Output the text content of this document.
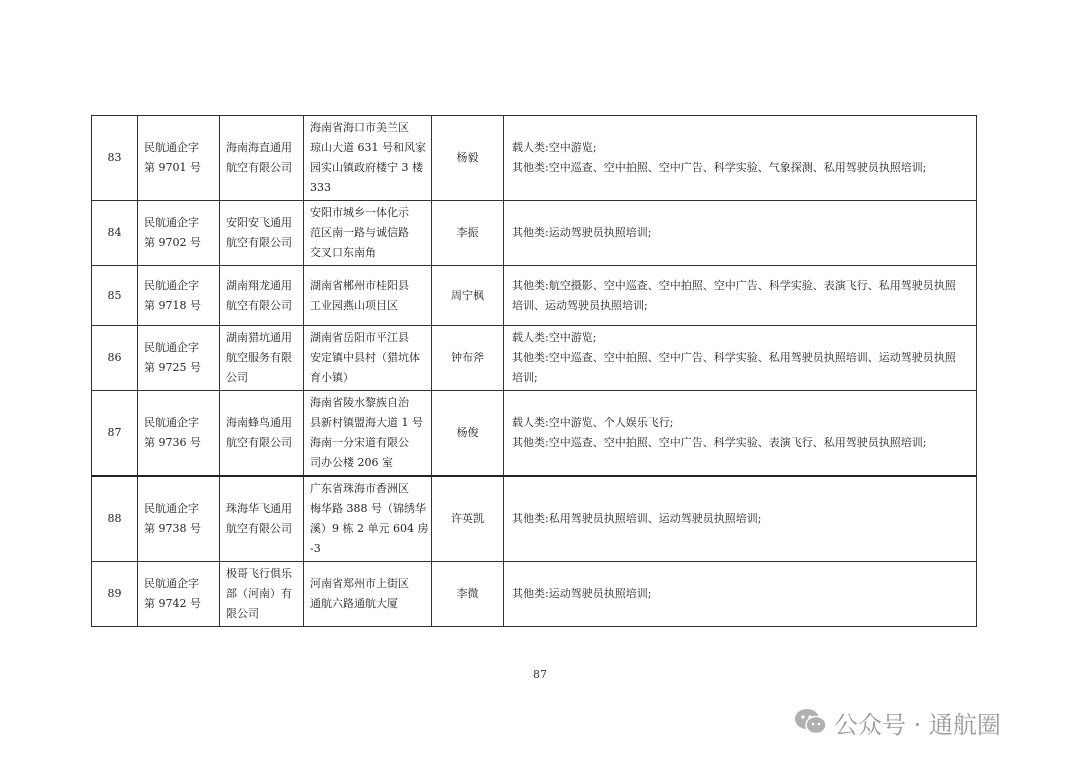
83	民航通企字
第 9701 号	海南海直通用
航空有限公司	海南省海口市美兰区
琼山大道 631 号和风家
园实山镇政府楼宁 3 楼
333	杨毅	载人类:空中游览;
其他类:空中巡查、空中拍照、空中广告、科学实验、气象探测、私用驾驶员执照培训;

84	民航通企字
第 9702 号	安阳安飞通用
航空有限公司	安阳市城乡一体化示
范区南一路与诚信路
交叉口东南角	李振	其他类:运动驾驶员执照培训;

85	民航通企字
第 9718 号	湖南翔龙通用
航空有限公司	湖南省郴州市桂阳县
工业园燕山项目区	周宁枫	其他类:航空摄影、空中巡查、空中拍照、空中广告、科学实验、表演飞行、私用驾驶员执照
培训、运动驾驶员执照培训;

86	民航通企字
第 9725 号	湖南猎坑通用
航空服务有限
公司	湖南省岳阳市平江县
安定镇中县村（猎坑体
育小镇）	钟布斧	载人类:空中游览;
其他类:空中巡查、空中拍照、空中广告、科学实验、私用驾驶员执照培训、运动驾驶员执照
培训;

87	民航通企字
第 9736 号	海南蜂鸟通用
航空有限公司	海南省陵水黎族自治
县新村镇盟海大道 1 号
海南一分宋道有限公
司办公楼 206 室	杨俊	载人类:空中游览、个人娱乐飞行;
其他类:空中巡查、空中拍照、空中广告、科学实验、表演飞行、私用驾驶员执照培训;

88	民航通企字
第 9738 号	珠海华飞通用
航空有限公司	广东省珠海市香洲区
梅华路 388 号（锦绣华
溪）9 栋 2 单元 604 房
-3	许英凯	其他类:私用驾驶员执照培训、运动驾驶员执照培训;

89	民航通企字
第 9742 号	极哥飞行俱乐
部（河南）有
限公司	河南省郑州市上街区
通航六路通航大厦	李微	其他类:运动驾驶员执照培训;
87
公众号 · 通航圈
